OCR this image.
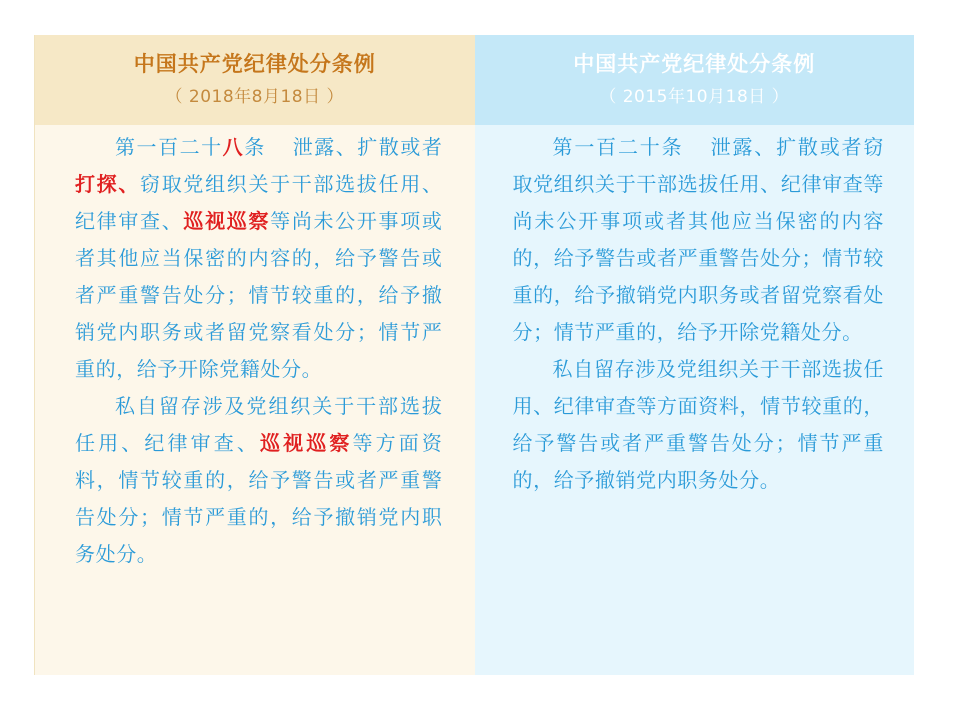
中国共产党纪律处分条例
（ 2018年8月18日 ）

第一百二十八条 泄露、扩散或者打探、窃取党组织关于干部选拔任用、纪律审查、巡视巡察等尚未公开事项或者其他应当保密的内容的，给予警告或者严重警告处分；情节较重的，给予撤销党内职务或者留党察看处分；情节严重的，给予开除党籍处分。

私自留存涉及党组织关于干部选拔任用、纪律审查、巡视巡察等方面资料，情节较重的，给予警告或者严重警告处分；情节严重的，给予撤销党内职务处分。

中国共产党纪律处分条例
（ 2015年10月18日 ）

第一百二十条 泄露、扩散或者窃取党组织关于干部选拔任用、纪律审查等尚未公开事项或者其他应当保密的内容的，给予警告或者严重警告处分；情节较重的，给予撤销党内职务或者留党察看处分；情节严重的，给予开除党籍处分。

私自留存涉及党组织关于干部选拔任用、纪律审查等方面资料，情节较重的，给予警告或者严重警告处分；情节严重的，给予撤销党内职务处分。
